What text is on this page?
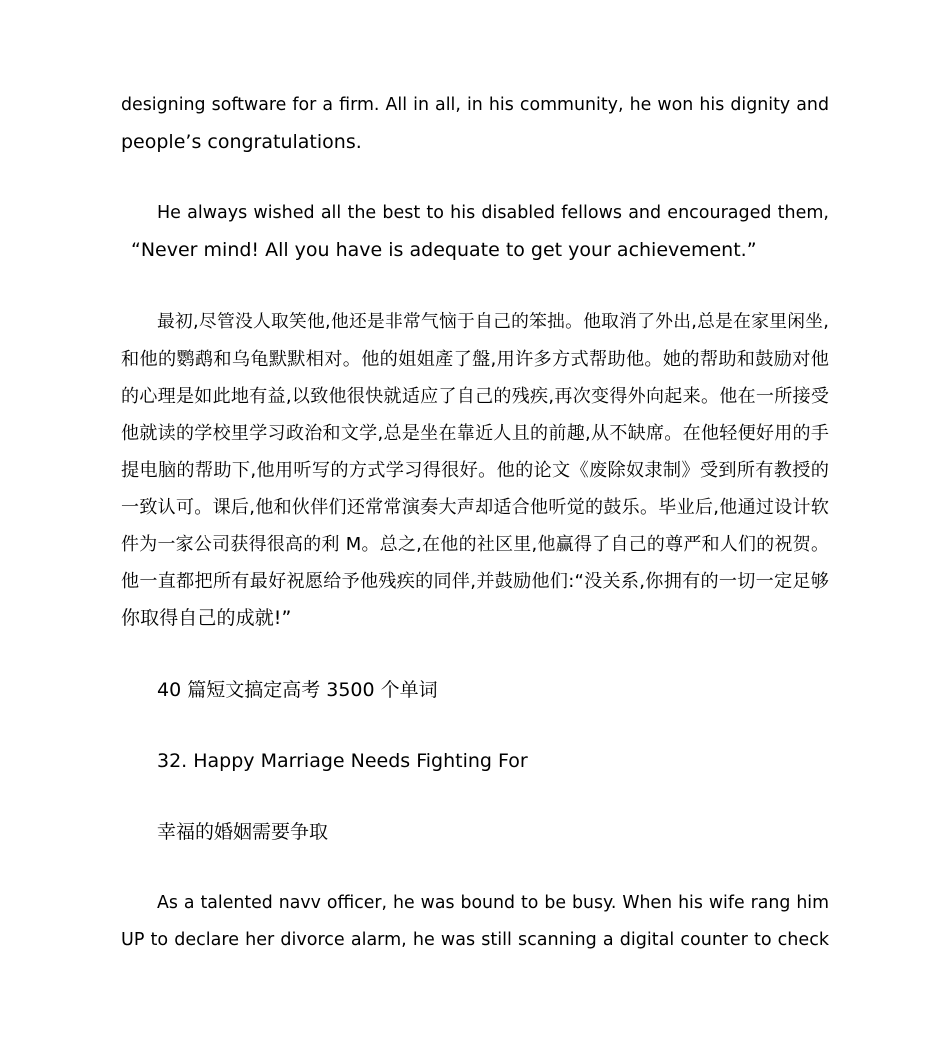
designing software for a firm. All in all, in his community, he won his dignity and
people’s congratulations.
He always wished all the best to his disabled fellows and encouraged them,
“Never mind! All you have is adequate to get your achievement.”
最初,尽管没人取笑他,他还是非常气恼于自己的笨拙。他取消了外出,总是在家里闲坐,
和他的鹦鹉和乌龟默默相对。他的姐姐產了盤,用许多方式帮助他。她的帮助和鼓励对他
的心理是如此地有益,以致他很快就适应了自己的残疾,再次变得外向起来。他在一所接受
他就读的学校里学习政治和文学,总是坐在靠近人且的前趣,从不缺席。在他轻便好用的手
提电脑的帮助下,他用听写的方式学习得很好。他的论文《废除奴隶制》受到所有教授的
一致认可。课后,他和伙伴们还常常演奏大声却适合他听觉的鼓乐。毕业后,他通过设计软
件为一家公司获得很高的利 M。总之,在他的社区里,他赢得了自己的尊严和人们的祝贺。
他一直都把所有最好祝愿给予他残疾的同伴,并鼓励他们:“没关系,你拥有的一切一定足够
你取得自己的成就!”
40 篇短文搞定高考 3500 个单词
32. Happy Marriage Needs Fighting For
幸福的婚姻需要争取
As a talented navv officer, he was bound to be busy. When his wife rang him
UP to declare her divorce alarm, he was still scanning a digital counter to check
